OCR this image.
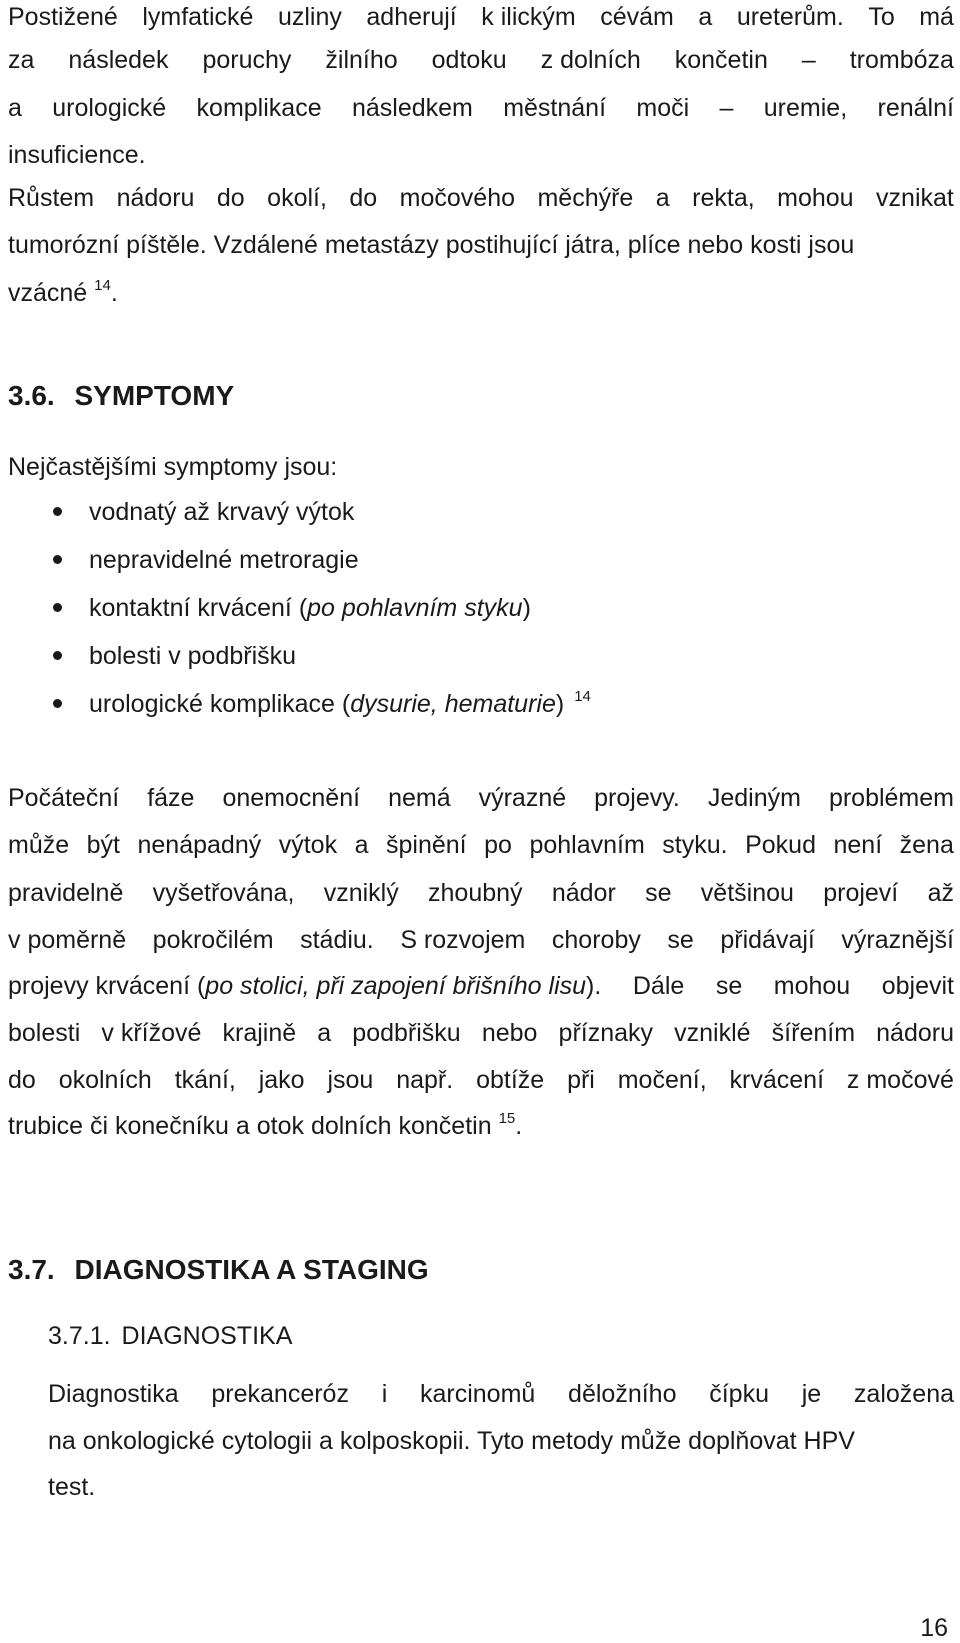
Postižené lymfatické uzliny adherují k ilickým cévám a ureterům. To má
za následek poruchy žilního odtoku z dolních končetin – trombóza
a urologické komplikace následkem městnání moči – uremie, renální
insuficience.
Růstem nádoru do okolí, do močového měchýře a rekta, mohou vznikat
tumorózní píštěle. Vzdálené metastázy postihující játra, plíce nebo kosti jsou
vzácné $^{14}$.
3.6. SYMPTOMY
Nejčastějšími symptomy jsou:
vodnatý až krvavý výtok
nepravidelné metroragie
kontaktní krvácení (po pohlavním styku)
bolesti v podbřišku
urologické komplikace (dysurie, hematurie) $^{14}$
Počáteční fáze onemocnění nemá výrazné projevy. Jediným problémem
může být nenápadný výtok a špinění po pohlavním styku. Pokud není žena
pravidelně vyšetřována, vzniklý zhoubný nádor se většinou projeví až
v poměrně pokročilém stádiu. S rozvojem choroby se přidávají výraznější
projevy krvácení (po stolici, při zapojení břišního lisu). Dále se mohou objevit
bolesti v křížové krajině a podbřišku nebo příznaky vzniklé šířením nádoru
do okolních tkání, jako jsou např. obtíže při močení, krvácení z močové
trubice či konečníku a otok dolních končetin $^{15}$.
3.7. DIAGNOSTIKA A STAGING
3.7.1. DIAGNOSTIKA
Diagnostika prekanceróz i karcinomů děložního čípku je založena
na onkologické cytologii a kolposkopii. Tyto metody může doplňovat HPV
test.
16
